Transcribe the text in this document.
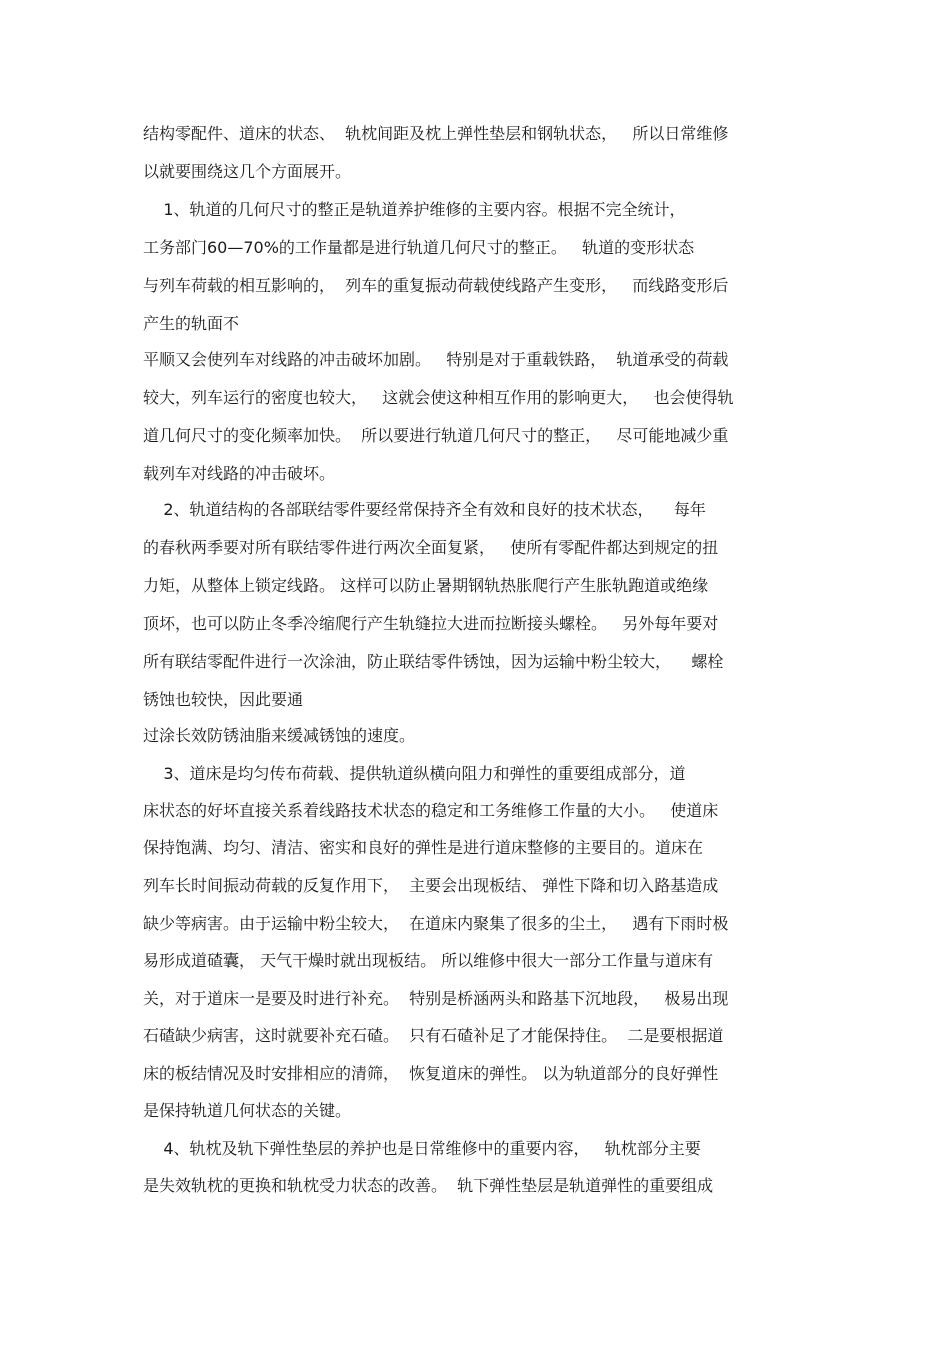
结构零配件、道床的状态、  轨枕间距及枕上弹性垫层和钢轨状态，   所以日常维修
以就要围绕这几个方面展开。
1、轨道的几何尺寸的整正是轨道养护维修的主要内容。根据不完全统计，
工务部门60—70%的工作量都是进行轨道几何尺寸的整正。   轨道的变形状态
与列车荷载的相互影响的，  列车的重复振动荷载使线路产生变形，   而线路变形后
产生的轨面不
平顺又会使列车对线路的冲击破坏加剧。   特别是对于重载铁路，  轨道承受的荷载
较大，列车运行的密度也较大，   这就会使这种相互作用的影响更大，   也会使得轨
道几何尺寸的变化频率加快。  所以要进行轨道几何尺寸的整正，   尽可能地减少重
载列车对线路的冲击破坏。
2、轨道结构的各部联结零件要经常保持齐全有效和良好的技术状态，    每年
的春秋两季要对所有联结零件进行两次全面复紧，   使所有零配件都达到规定的扭
力矩，从整体上锁定线路。 这样可以防止暑期钢轨热胀爬行产生胀轨跑道或绝缘
顶坏，也可以防止冬季冷缩爬行产生轨缝拉大进而拉断接头螺栓。   另外每年要对
所有联结零配件进行一次涂油，防止联结零件锈蚀，因为运输中粉尘较大，    螺栓
锈蚀也较快，因此要通
过涂长效防锈油脂来缓减锈蚀的速度。
3、道床是均匀传布荷载、提供轨道纵横向阻力和弹性的重要组成部分，道
床状态的好坏直接关系着线路技术状态的稳定和工务维修工作量的大小。   使道床
保持饱满、均匀、清洁、密实和良好的弹性是进行道床整修的主要目的。道床在
列车长时间振动荷载的反复作用下，  主要会出现板结、 弹性下降和切入路基造成
缺少等病害。由于运输中粉尘较大，  在道床内聚集了很多的尘土，   遇有下雨时极
易形成道碴囊， 天气干燥时就出现板结。 所以维修中很大一部分工作量与道床有
关，对于道床一是要及时进行补充。  特别是桥涵两头和路基下沉地段，   极易出现
石碴缺少病害，这时就要补充石碴。  只有石碴补足了才能保持住。  二是要根据道
床的板结情况及时安排相应的清筛，  恢复道床的弹性。 以为轨道部分的良好弹性
是保持轨道几何状态的关键。
4、轨枕及轨下弹性垫层的养护也是日常维修中的重要内容，   轨枕部分主要
是失效轨枕的更换和轨枕受力状态的改善。  轨下弹性垫层是轨道弹性的重要组成
